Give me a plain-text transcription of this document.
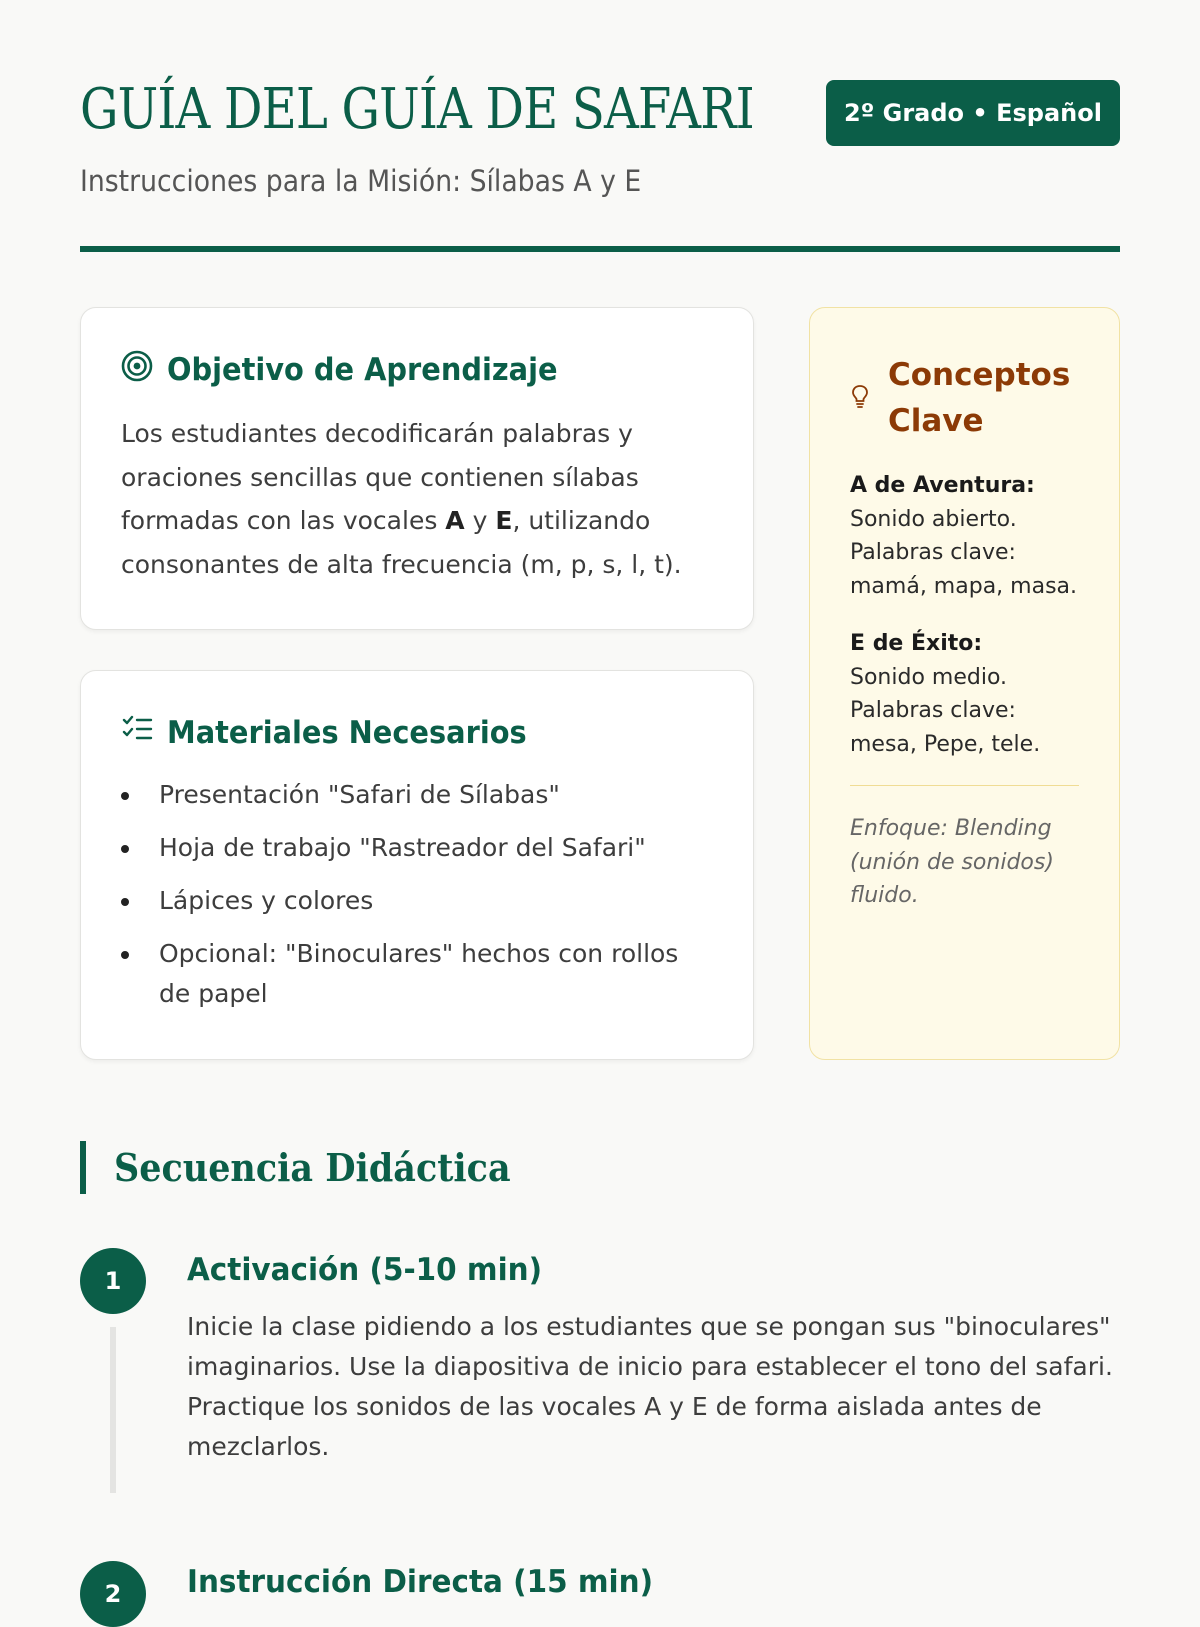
GUÍA DEL GUÍA DE SAFARI
Instrucciones para la Misión: Sílabas A y E
2º Grado • Español
Objetivo de Aprendizaje

Los estudiantes decodificarán palabras y oraciones sencillas que contienen sílabas formadas con las vocales A y E, utilizando consonantes de alta frecuencia (m, p, s, l, t).

Materiales Necesarios
Presentación "Safari de Sílabas"
Hoja de trabajo "Rastreador del Safari"
Lápices y colores
Opcional: "Binoculares" hechos con rollos de papel
Conceptos Clave
A de Aventura:
Sonido abierto. Palabras clave: mamá, mapa, masa.
E de Éxito:
Sonido medio. Palabras clave: mesa, Pepe, tele.
Enfoque: Blending (unión de sonidos) fluido.
Secuencia Didáctica
1	Activación (5-10 min)

Inicie la clase pidiendo a los estudiantes que se pongan sus "binoculares" imaginarios. Use la diapositiva de inicio para establecer el tono del safari. Practique los sonidos de las vocales A y E de forma aislada antes de mezclarlos.

2	Instrucción Directa (15 min)
